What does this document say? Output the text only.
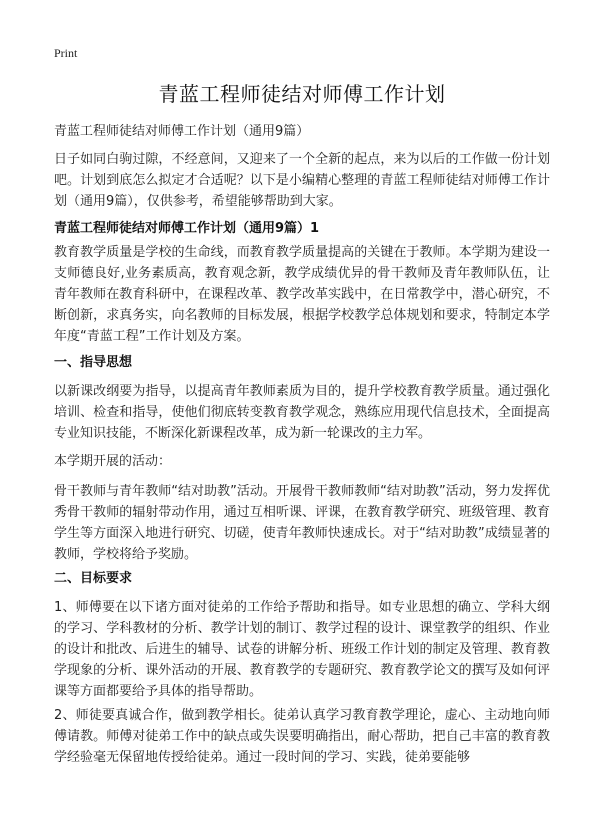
Print
青蓝工程师徒结对师傅工作计划
青蓝工程师徒结对师傅工作计划（通用9篇）

日子如同白驹过隙，不经意间，又迎来了一个全新的起点，来为以后的工作做一份计划吧。计划到底怎么拟定才合适呢？以下是小编精心整理的青蓝工程师徒结对师傅工作计划（通用9篇），仅供参考，希望能够帮助到大家。

青蓝工程师徒结对师傅工作计划（通用9篇）1

教育教学质量是学校的生命线，而教育教学质量提高的关键在于教师。本学期为建设一支师德良好,业务素质高，教育观念新，教学成绩优异的骨干教师及青年教师队伍，让青年教师在教育科研中，在课程改革、教学改革实践中，在日常教学中，潜心研究，不断创新，求真务实，向名教师的目标发展，根据学校教学总体规划和要求，特制定本学年度“青蓝工程”工作计划及方案。

一、指导思想

以新课改纲要为指导，以提高青年教师素质为目的，提升学校教育教学质量。通过强化培训、检查和指导，使他们彻底转变教育教学观念，熟练应用现代信息技术，全面提高专业知识技能，不断深化新课程改革，成为新一轮课改的主力军。

本学期开展的活动：

骨干教师与青年教师“结对助教”活动。开展骨干教师教师“结对助教”活动，努力发挥优秀骨干教师的辐射带动作用，通过互相听课、评课，在教育教学研究、班级管理、教育学生等方面深入地进行研究、切磋，使青年教师快速成长。对于“结对助教”成绩显著的教师，学校将给予奖励。

二、目标要求

1、师傅要在以下诸方面对徒弟的工作给予帮助和指导。如专业思想的确立、学科大纲的学习、学科教材的分析、教学计划的制订、教学过程的设计、课堂教学的组织、作业的设计和批改、后进生的辅导、试卷的讲解分析、班级工作计划的制定及管理、教育教学现象的分析、课外活动的开展、教育教学的专题研究、教育教学论文的撰写及如何评课等方面都要给予具体的指导帮助。

2、师徒要真诚合作，做到教学相长。徒弟认真学习教育教学理论，虚心、主动地向师傅请教。师傅对徒弟工作中的缺点或失误要明确指出，耐心帮助，把自己丰富的教育教学经验毫无保留地传授给徒弟。通过一段时间的学习、实践，徒弟要能够
